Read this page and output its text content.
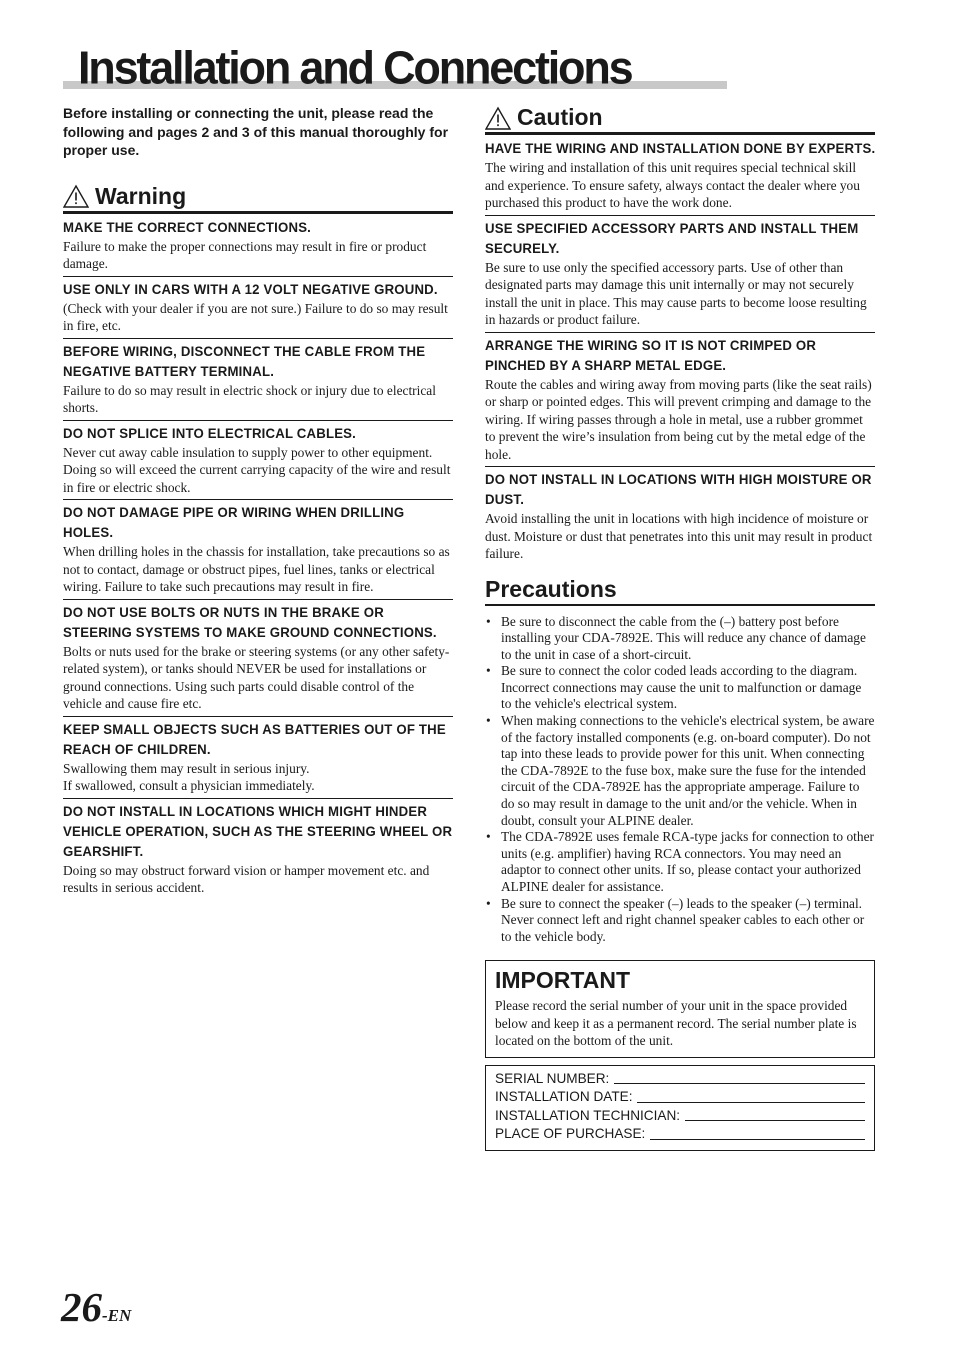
Installation and Connections

Before installing or connecting the unit, please read the following and pages 2 and 3 of this manual thoroughly for proper use.

Warning

MAKE THE CORRECT CONNECTIONS.

Failure to make the proper connections may result in fire or product damage.

USE ONLY IN CARS WITH A 12 VOLT NEGATIVE GROUND.

(Check with your dealer if you are not sure.) Failure to do so may result in fire, etc.

BEFORE WIRING, DISCONNECT THE CABLE FROM THE NEGATIVE BATTERY TERMINAL.

Failure to do so may result in electric shock or injury due to electrical shorts.

DO NOT SPLICE INTO ELECTRICAL CABLES.

Never cut away cable insulation to supply power to other equipment. Doing so will exceed the current carrying capacity of the wire and result in fire or electric shock.

DO NOT DAMAGE PIPE OR WIRING WHEN DRILLING HOLES.

When drilling holes in the chassis for installation, take precautions so as not to contact, damage or obstruct pipes, fuel lines, tanks or electrical wiring. Failure to take such precautions may result in fire.

DO NOT USE BOLTS OR NUTS IN THE BRAKE OR STEERING SYSTEMS TO MAKE GROUND CONNECTIONS.

Bolts or nuts used for the brake or steering systems (or any other safety-related system), or tanks should NEVER be used for installations or ground connections. Using such parts could disable control of the vehicle and cause fire etc.

KEEP SMALL OBJECTS SUCH AS BATTERIES OUT OF THE REACH OF CHILDREN.

Swallowing them may result in serious injury.

If swallowed, consult a physician immediately.

DO NOT INSTALL IN LOCATIONS WHICH MIGHT HINDER VEHICLE OPERATION, SUCH AS THE STEERING WHEEL OR GEARSHIFT.

Doing so may obstruct forward vision or hamper movement etc. and results in serious accident.

Caution

HAVE THE WIRING AND INSTALLATION DONE BY EXPERTS.

The wiring and installation of this unit requires special technical skill and experience. To ensure safety, always contact the dealer where you purchased this product to have the work done.

USE SPECIFIED ACCESSORY PARTS AND INSTALL THEM SECURELY.

Be sure to use only the specified accessory parts. Use of other than designated parts may damage this unit internally or may not securely install the unit in place. This may cause parts to become loose resulting in hazards or product failure.

ARRANGE THE WIRING SO IT IS NOT CRIMPED OR PINCHED BY A SHARP METAL EDGE.

Route the cables and wiring away from moving parts (like the seat rails) or sharp or pointed edges. This will prevent crimping and damage to the wiring. If wiring passes through a hole in metal, use a rubber grommet to prevent the wire’s insulation from being cut by the metal edge of the hole.

DO NOT INSTALL IN LOCATIONS WITH HIGH MOISTURE OR DUST.

Avoid installing the unit in locations with high incidence of moisture or dust. Moisture or dust that penetrates into this unit may result in product failure.

Precautions
• Be sure to disconnect the cable from the (–) battery post before installing your CDA-7892E. This will reduce any chance of damage to the unit in case of a short-circuit.
• Be sure to connect the color coded leads according to the diagram. Incorrect connections may cause the unit to malfunction or damage to the vehicle's electrical system.
• When making connections to the vehicle's electrical system, be aware of the factory installed components (e.g. on-board computer). Do not tap into these leads to provide power for this unit. When connecting the CDA-7892E to the fuse box, make sure the fuse for the intended circuit of the CDA-7892E has the appropriate amperage. Failure to do so may result in damage to the unit and/or the vehicle. When in doubt, consult your ALPINE dealer.
• The CDA-7892E uses female RCA-type jacks for connection to other units (e.g. amplifier) having RCA connectors. You may need an adaptor to connect other units. If so, please contact your authorized ALPINE dealer for assistance.
• Be sure to connect the speaker (–) leads to the speaker (–) terminal. Never connect left and right channel speaker cables to each other or to the vehicle body.

IMPORTANT

Please record the serial number of your unit in the space provided below and keep it as a permanent record. The serial number plate is located on the bottom of the unit.

SERIAL NUMBER:
INSTALLATION DATE:
INSTALLATION TECHNICIAN:
PLACE OF PURCHASE:
26-EN
